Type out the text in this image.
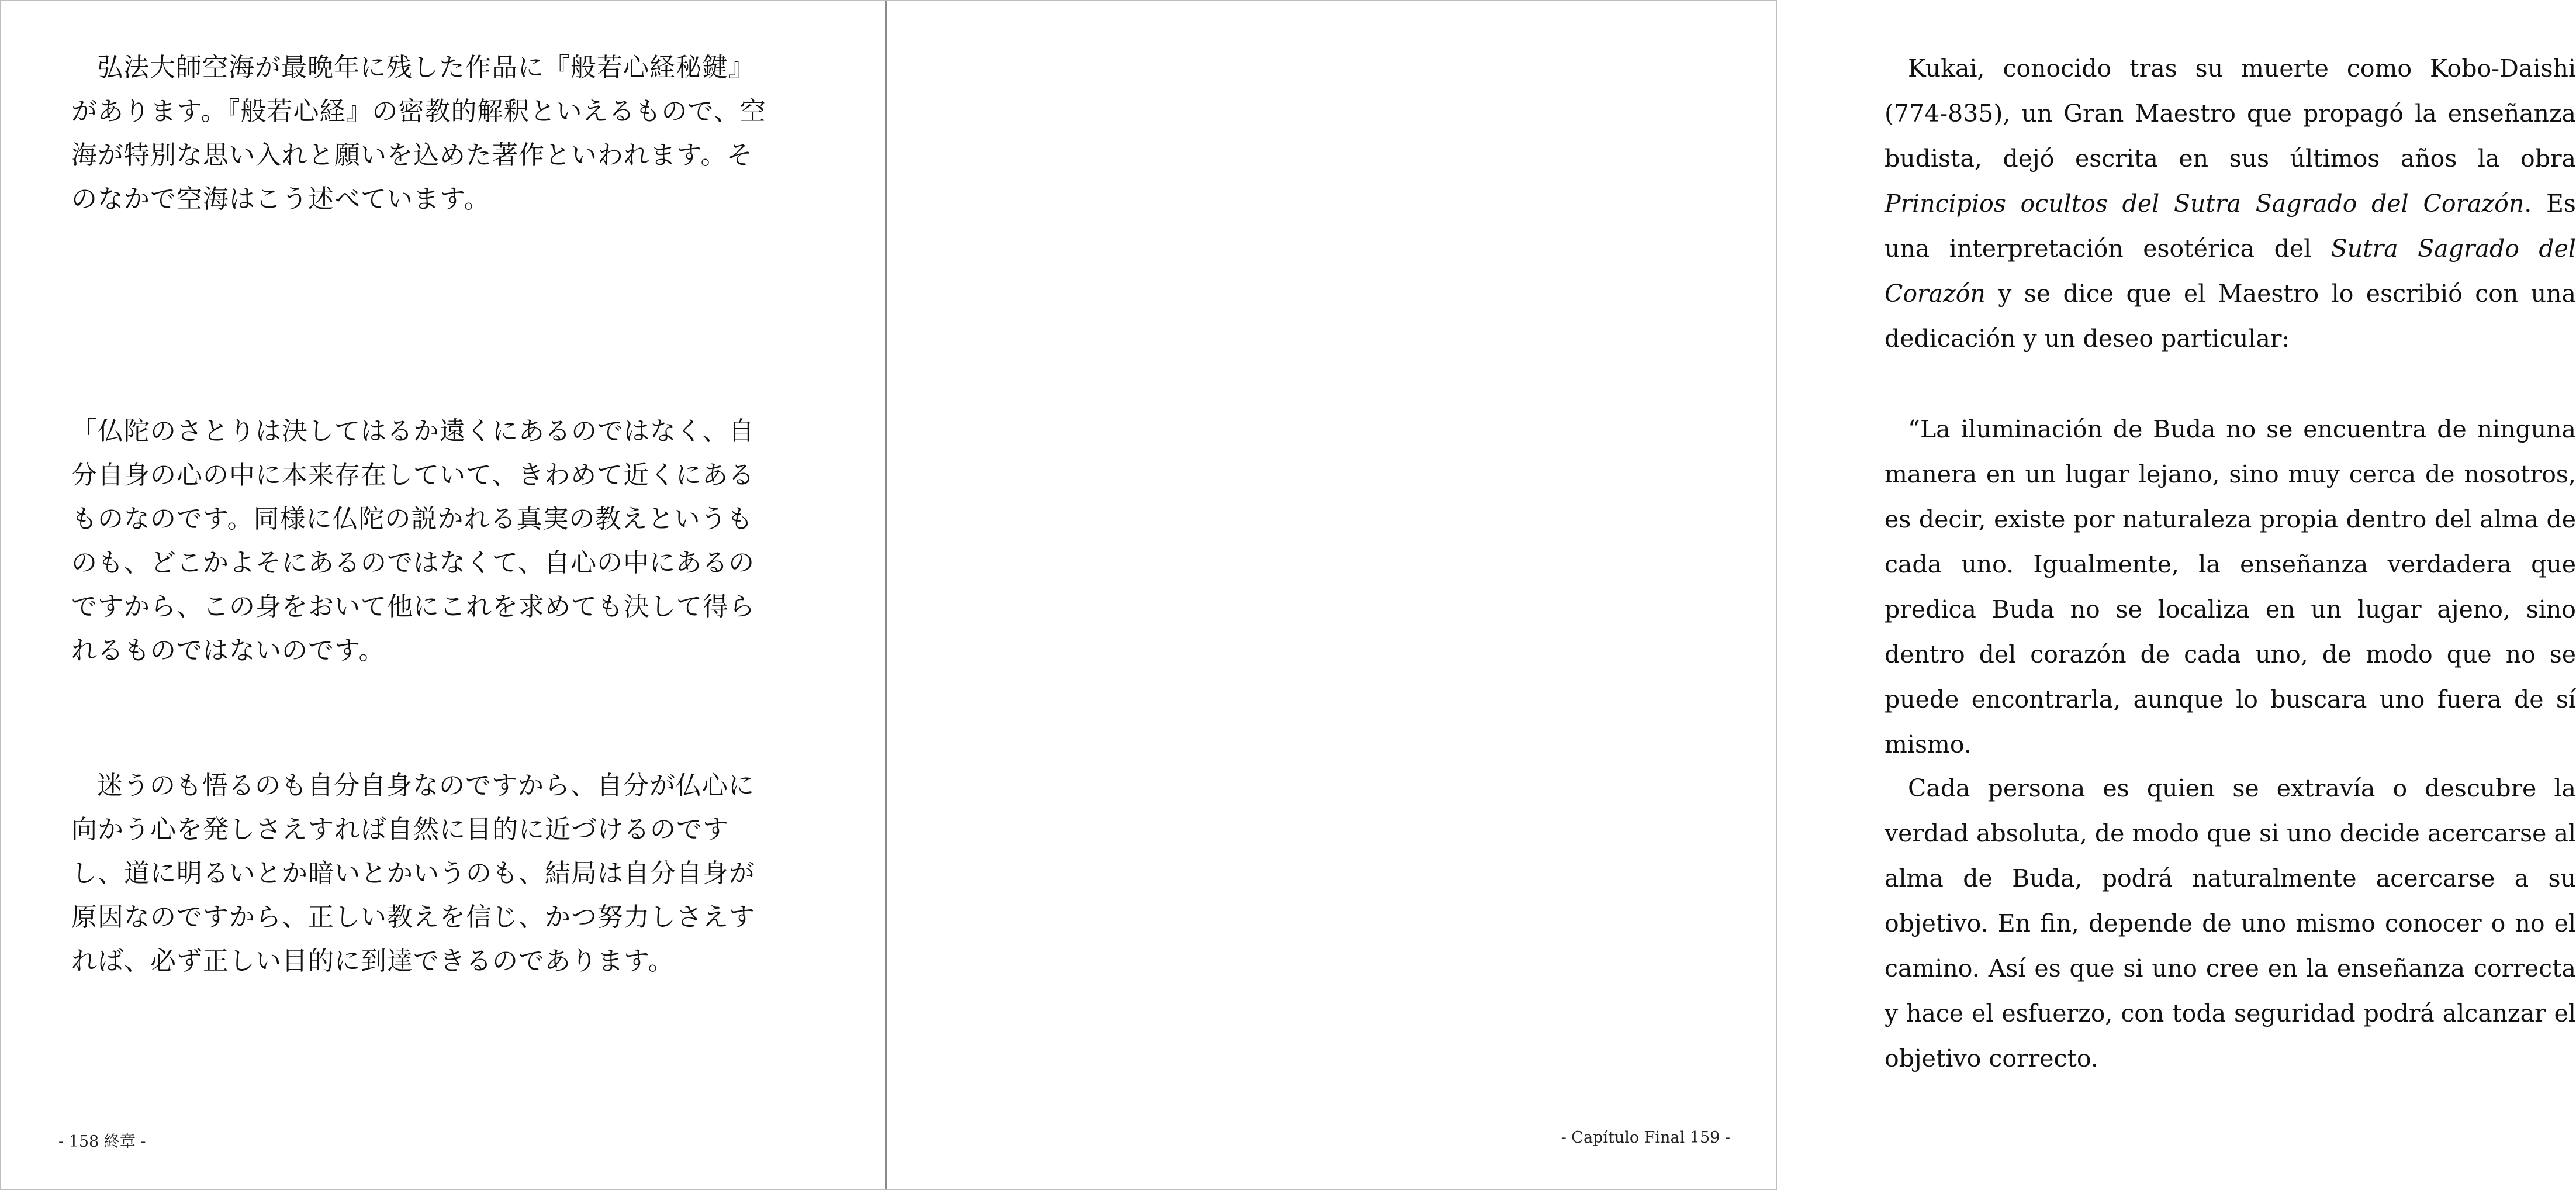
弘法大師空海が最晩年に残した作品に『般若心経秘鍵』があります。『般若心経』の密教的解釈といえるもので、空海が特別な思い入れと願いを込めた著作といわれます。そのなかで空海はこう述べています。

「仏陀のさとりは決してはるか遠くにあるのではなく、自分自身の心の中に本来存在していて、きわめて近くにあるものなのです。同様に仏陀の説かれる真実の教えというものも、どこかよそにあるのではなくて、自心の中にあるのですから、この身をおいて他にこれを求めても決して得られるものではないのです。

迷うのも悟るのも自分自身なのですから、自分が仏心に向かう心を発しさえすれば自然に目的に近づけるのですし、道に明るいとか暗いとかいうのも、結局は自分自身が原因なのですから、正しい教えを信じ、かつ努力しさえすれば、必ず正しい目的に到達できるのであります。

- 158 終章 -

Kukai, conocido tras su muerte como Kobo-Daishi (774-835), un Gran Maestro que propagó la enseñanza budista, dejó escrita en sus últimos años la obra Principios ocultos del Sutra Sagrado del Corazón. Es una interpretación esotérica del Sutra Sagrado del Corazón y se dice que el Maestro lo escribió con una dedicación y un deseo particular:

“La iluminación de Buda no se encuentra de ninguna manera en un lugar lejano, sino muy cerca de nosotros, es decir, existe por naturaleza propia dentro del alma de cada uno. Igualmente, la enseñanza verdadera que predica Buda no se localiza en un lugar ajeno, sino dentro del corazón de cada uno, de modo que no se puede encontrarla, aunque lo buscara uno fuera de sí mismo.

Cada persona es quien se extravía o descubre la verdad absoluta, de modo que si uno decide acercarse al alma de Buda, podrá naturalmente acercarse a su objetivo. En fin, depende de uno mismo conocer o no el camino. Así es que si uno cree en la enseñanza correcta y hace el esfuerzo, con toda seguridad podrá alcanzar el objetivo correcto.

- Capítulo Final 159 -
